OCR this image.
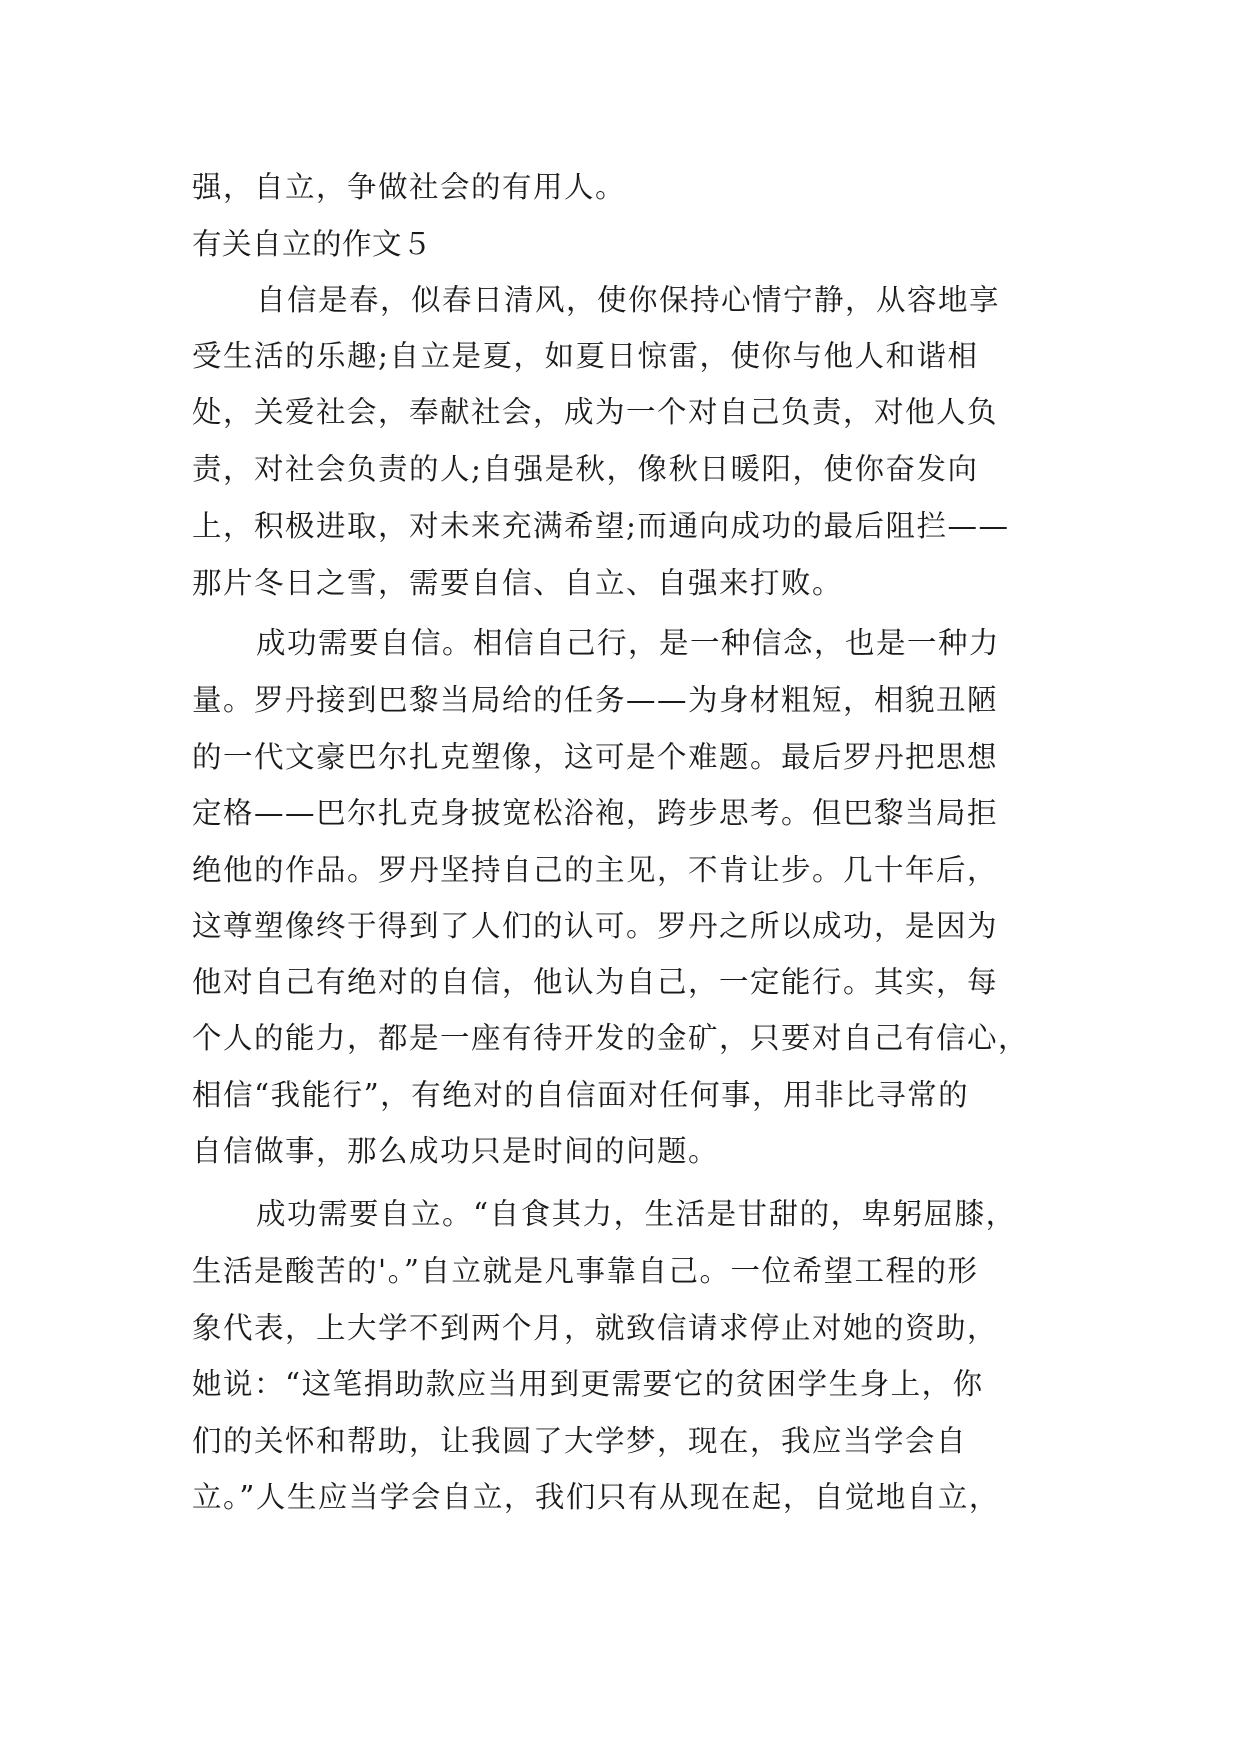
强，自立，争做社会的有用人。
有关自立的作文５
自信是春，似春日清风，使你保持心情宁静，从容地享
受生活的乐趣;自立是夏，如夏日惊雷，使你与他人和谐相
处，关爱社会，奉献社会，成为一个对自己负责，对他人负
责，对社会负责的人;自强是秋，像秋日暖阳，使你奋发向
上，积极进取，对未来充满希望;而通向成功的最后阻拦——
那片冬日之雪，需要自信、自立、自强来打败。
成功需要自信。相信自己行，是一种信念，也是一种力
量。罗丹接到巴黎当局给的任务——为身材粗短，相貌丑陋
的一代文豪巴尔扎克塑像，这可是个难题。最后罗丹把思想
定格——巴尔扎克身披宽松浴袍，跨步思考。但巴黎当局拒
绝他的作品。罗丹坚持自己的主见，不肯让步。几十年后，
这尊塑像终于得到了人们的认可。罗丹之所以成功，是因为
他对自己有绝对的自信，他认为自己，一定能行。其实，每
个人的能力，都是一座有待开发的金矿，只要对自己有信心，
相信“我能行”，有绝对的自信面对任何事，用非比寻常的
自信做事，那么成功只是时间的问题。
成功需要自立。“自食其力，生活是甘甜的，卑躬屈膝，
生活是酸苦的'。”自立就是凡事靠自己。一位希望工程的形
象代表，上大学不到两个月，就致信请求停止对她的资助，
她说：“这笔捐助款应当用到更需要它的贫困学生身上，你
们的关怀和帮助，让我圆了大学梦，现在，我应当学会自
立。”人生应当学会自立，我们只有从现在起，自觉地自立，
